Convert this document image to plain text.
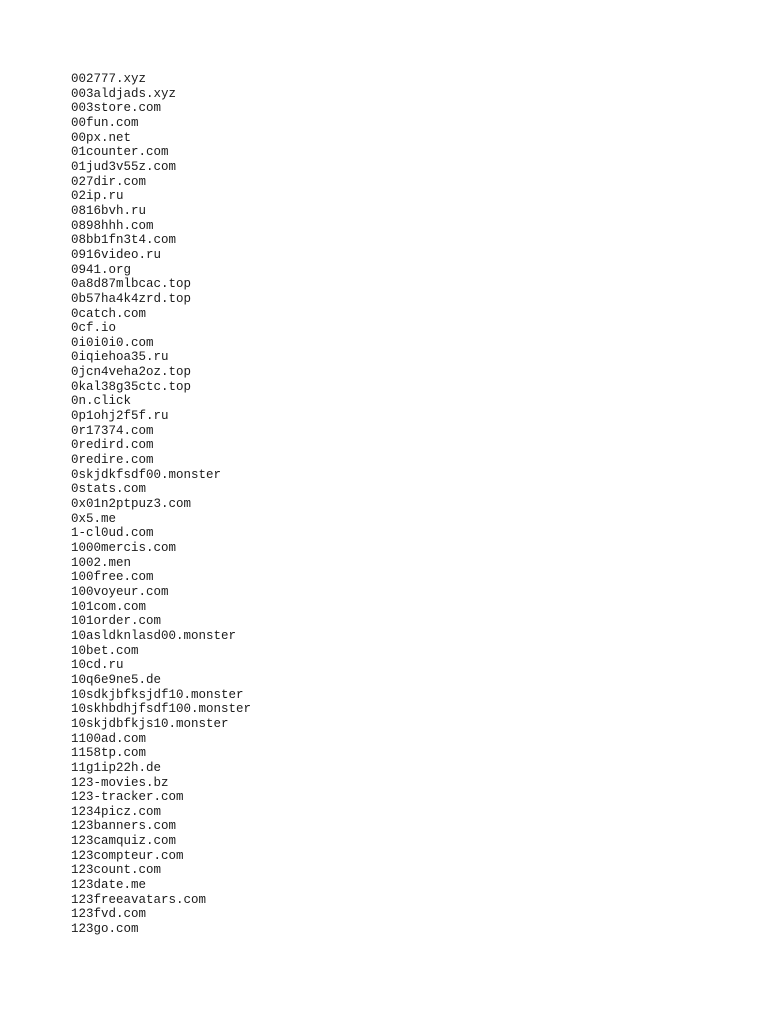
002777.xyz
003aldjads.xyz
003store.com
00fun.com
00px.net
01counter.com
01jud3v55z.com
027dir.com
02ip.ru
0816bvh.ru
0898hhh.com
08bb1fn3t4.com
0916video.ru
0941.org
0a8d87mlbcac.top
0b57ha4k4zrd.top
0catch.com
0cf.io
0i0i0i0.com
0iqiehoa35.ru
0jcn4veha2oz.top
0kal38g35ctc.top
0n.click
0p1ohj2f5f.ru
0r17374.com
0redird.com
0redire.com
0skjdkfsdf00.monster
0stats.com
0x01n2ptpuz3.com
0x5.me
1-cl0ud.com
1000mercis.com
1002.men
100free.com
100voyeur.com
101com.com
101order.com
10asldknlasd00.monster
10bet.com
10cd.ru
10q6e9ne5.de
10sdkjbfksjdf10.monster
10skhbdhjfsdf100.monster
10skjdbfkjs10.monster
1100ad.com
1158tp.com
11g1ip22h.de
123-movies.bz
123-tracker.com
1234picz.com
123banners.com
123camquiz.com
123compteur.com
123count.com
123date.me
123freeavatars.com
123fvd.com
123go.com
